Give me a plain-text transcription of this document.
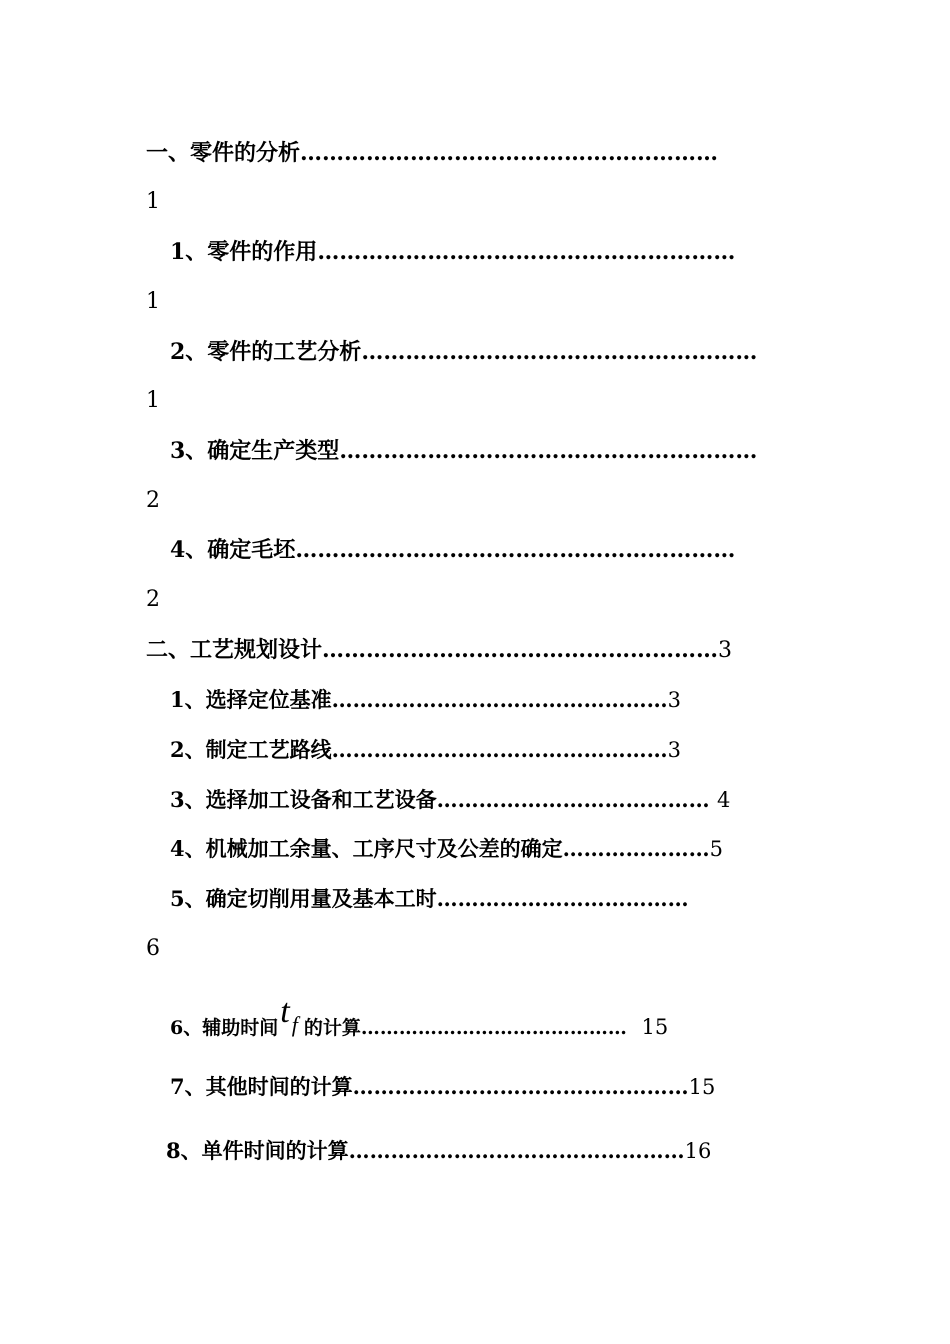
一、零件的分析…………………………………………………
1
1、零件的作用…………………………………………………
1
2、零件的工艺分析………………………………………………
1
3、确定生产类型…………………………………………………
2
4、确定毛坯……………………………………………………
2
二、工艺规划设计………………………………………………3
1、选择定位基准…………………………………………3
2、制定工艺路线…………………………………………3
3、选择加工设备和工艺设备………………………………… 4
4、机械加工余量、工序尺寸及公差的确定…………………5
5、确定切削用量及基本工时………………………………
6
6、辅助时间tf 的计算…………………………………… 15
7、其他时间的计算…………………………………………15
8、单件时间的计算…………………………………………16
